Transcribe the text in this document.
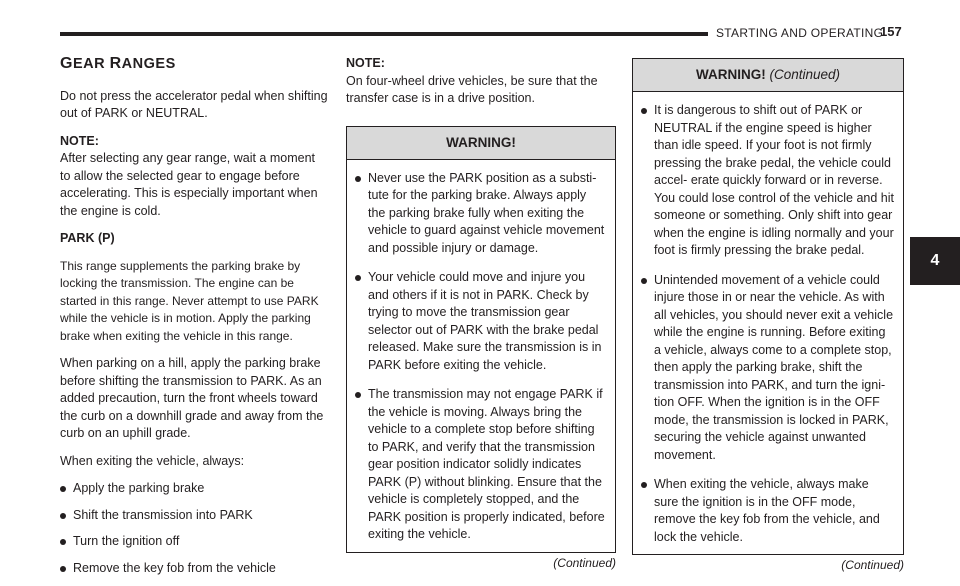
STARTING AND OPERATING
157
4
GEAR RANGES

Do not press the accelerator pedal when shifting out of PARK or NEUTRAL.

NOTE:

After selecting any gear range, wait a moment to allow the selected gear to engage before accelerating. This is especially important when the engine is cold.

PARK (P)

This range supplements the parking brake by locking the transmission. The engine can be started in this range. Never attempt to use PARK while the vehicle is in motion. Apply the parking brake when exiting the vehicle in this range.

When parking on a hill, apply the parking brake before shifting the transmission to PARK. As an added precaution, turn the front wheels toward the curb on a downhill grade and away from the curb on an uphill grade.

When exiting the vehicle, always:

Apply the parking brake
Shift the transmission into PARK
Turn the ignition off
Remove the key fob from the vehicle

NOTE:

On four-wheel drive vehicles, be sure that the transfer case is in a drive position.

WARNING!
Never use the PARK position as a substi- tute for the parking brake. Always apply the parking brake fully when exiting the vehicle to guard against vehicle movement and possible injury or damage.
Your vehicle could move and injure you and others if it is not in PARK. Check by trying to move the transmission gear selector out of PARK with the brake pedal released. Make sure the transmission is in PARK before exiting the vehicle.
The transmission may not engage PARK if the vehicle is moving. Always bring the vehicle to a complete stop before shifting to PARK, and verify that the transmission gear position indicator solidly indicates PARK (P) without blinking. Ensure that the vehicle is completely stopped, and the PARK position is properly indicated, before exiting the vehicle.
(Continued)
WARNING! (Continued)
It is dangerous to shift out of PARK or NEUTRAL if the engine speed is higher than idle speed. If your foot is not firmly pressing the brake pedal, the vehicle could accel- erate quickly forward or in reverse. You could lose control of the vehicle and hit someone or something. Only shift into gear when the engine is idling normally and your foot is firmly pressing the brake pedal.
Unintended movement of a vehicle could injure those in or near the vehicle. As with all vehicles, you should never exit a vehicle while the engine is running. Before exiting a vehicle, always come to a complete stop, then apply the parking brake, shift the transmission into PARK, and turn the igni- tion OFF. When the ignition is in the OFF mode, the transmission is locked in PARK, securing the vehicle against unwanted movement.
When exiting the vehicle, always make sure the ignition is in the OFF mode, remove the key fob from the vehicle, and lock the vehicle.
(Continued)
